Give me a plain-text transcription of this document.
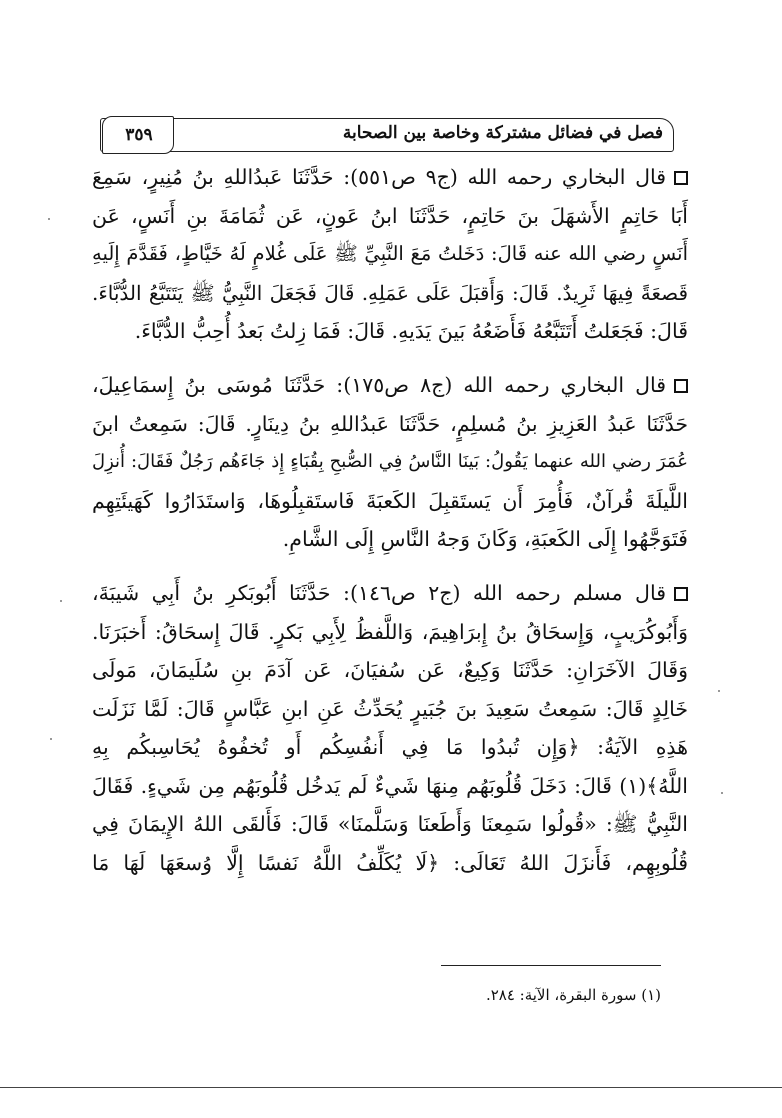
فصل في فضائل مشتركة وخاصة بين الصحابة
٣٥٩
قال البخاري رحمه الله (ج٩ ص٥٥١): حَدَّثَنَا عَبدُاللهِ بنُ مُنِيرٍ، سَمِعَ
أَبَا حَاتِمٍ الأَشهَلَ بنَ حَاتِمٍ، حَدَّثَنَا ابنُ عَونٍ، عَن ثُمَامَةَ بنِ أَنَسٍ، عَن
أَنَسٍ رضي الله عنه قَالَ: دَخَلتُ مَعَ النَّبِيِّ ﷺ عَلَى غُلامٍ لَهُ خَيَّاطٍ، فَقَدَّمَ إِلَيهِ
قَصعَةً فِيهَا ثَرِيدٌ. قَالَ: وَأَقبَلَ عَلَى عَمَلِهِ. قَالَ فَجَعَلَ النَّبِيُّ ﷺ يَتَتَبَّعُ الدُّبَّاءَ.
قَالَ: فَجَعَلتُ أَتَتَبَّعُهُ فَأَضَعُهُ بَينَ يَدَيهِ. قَالَ: فَمَا زِلتُ بَعدُ أُحِبُّ الدُّبَّاءَ.
قال البخاري رحمه الله (ج٨ ص١٧٥): حَدَّثَنَا مُوسَى بنُ إِسمَاعِيلَ،
حَدَّثَنَا عَبدُ العَزِيزِ بنُ مُسلِمٍ، حَدَّثَنَا عَبدُاللهِ بنُ دِينَارٍ. قَالَ: سَمِعتُ ابنَ
عُمَرَ رضي الله عنهما يَقُولُ: بَينَا النَّاسُ فِي الصُّبحِ بِقُبَاءٍ إِذ جَاءَهُم رَجُلٌ فَقَالَ: أُنزِلَ
اللَّيلَةَ قُرآنٌ، فَأُمِرَ أَن يَستَقبِلَ الكَعبَةَ فَاستَقبِلُوهَا، وَاستَدَارُوا كَهَيئَتِهِم
فَتَوَجَّهُوا إِلَى الكَعبَةِ، وَكَانَ وَجهُ النَّاسِ إِلَى الشَّامِ.
قال مسلم رحمه الله (ج٢ ص١٤٦): حَدَّثَنَا أَبُوبَكرِ بنُ أَبِي شَيبَةَ،
وَأَبُوكُرَيبٍ، وَإِسحَاقُ بنُ إِبرَاهِيمَ، وَاللَّفظُ لِأَبِي بَكرٍ. قَالَ إِسحَاقُ: أَخبَرَنَا.
وَقَالَ الآخَرَانِ: حَدَّثَنَا وَكِيعٌ، عَن سُفيَانَ، عَن آدَمَ بنِ سُلَيمَانَ، مَولَى
خَالِدٍ قَالَ: سَمِعتُ سَعِيدَ بنَ جُبَيرٍ يُحَدِّثُ عَنِ ابنِ عَبَّاسٍ قَالَ: لَمَّا نَزَلَت
هَذِهِ الآيَةُ: ﴿وَإِن تُبدُوا مَا فِي أَنفُسِكُم أَو تُخفُوهُ يُحَاسِبكُم بِهِ
اللَّهُ﴾(١) قَالَ: دَخَلَ قُلُوبَهُم مِنهَا شَيءٌ لَم يَدخُل قُلُوبَهُم مِن شَيءٍ. فَقَالَ
النَّبِيُّ ﷺ: «قُولُوا سَمِعنَا وَأَطَعنَا وَسَلَّمنَا» قَالَ: فَأَلقَى اللهُ الإِيمَانَ فِي
قُلُوبِهِم، فَأَنزَلَ اللهُ تَعَالَى: ﴿لَا يُكَلِّفُ اللَّهُ نَفسًا إِلَّا وُسعَهَا لَهَا مَا
(١) سورة البقرة، الآية: ٢٨٤.
